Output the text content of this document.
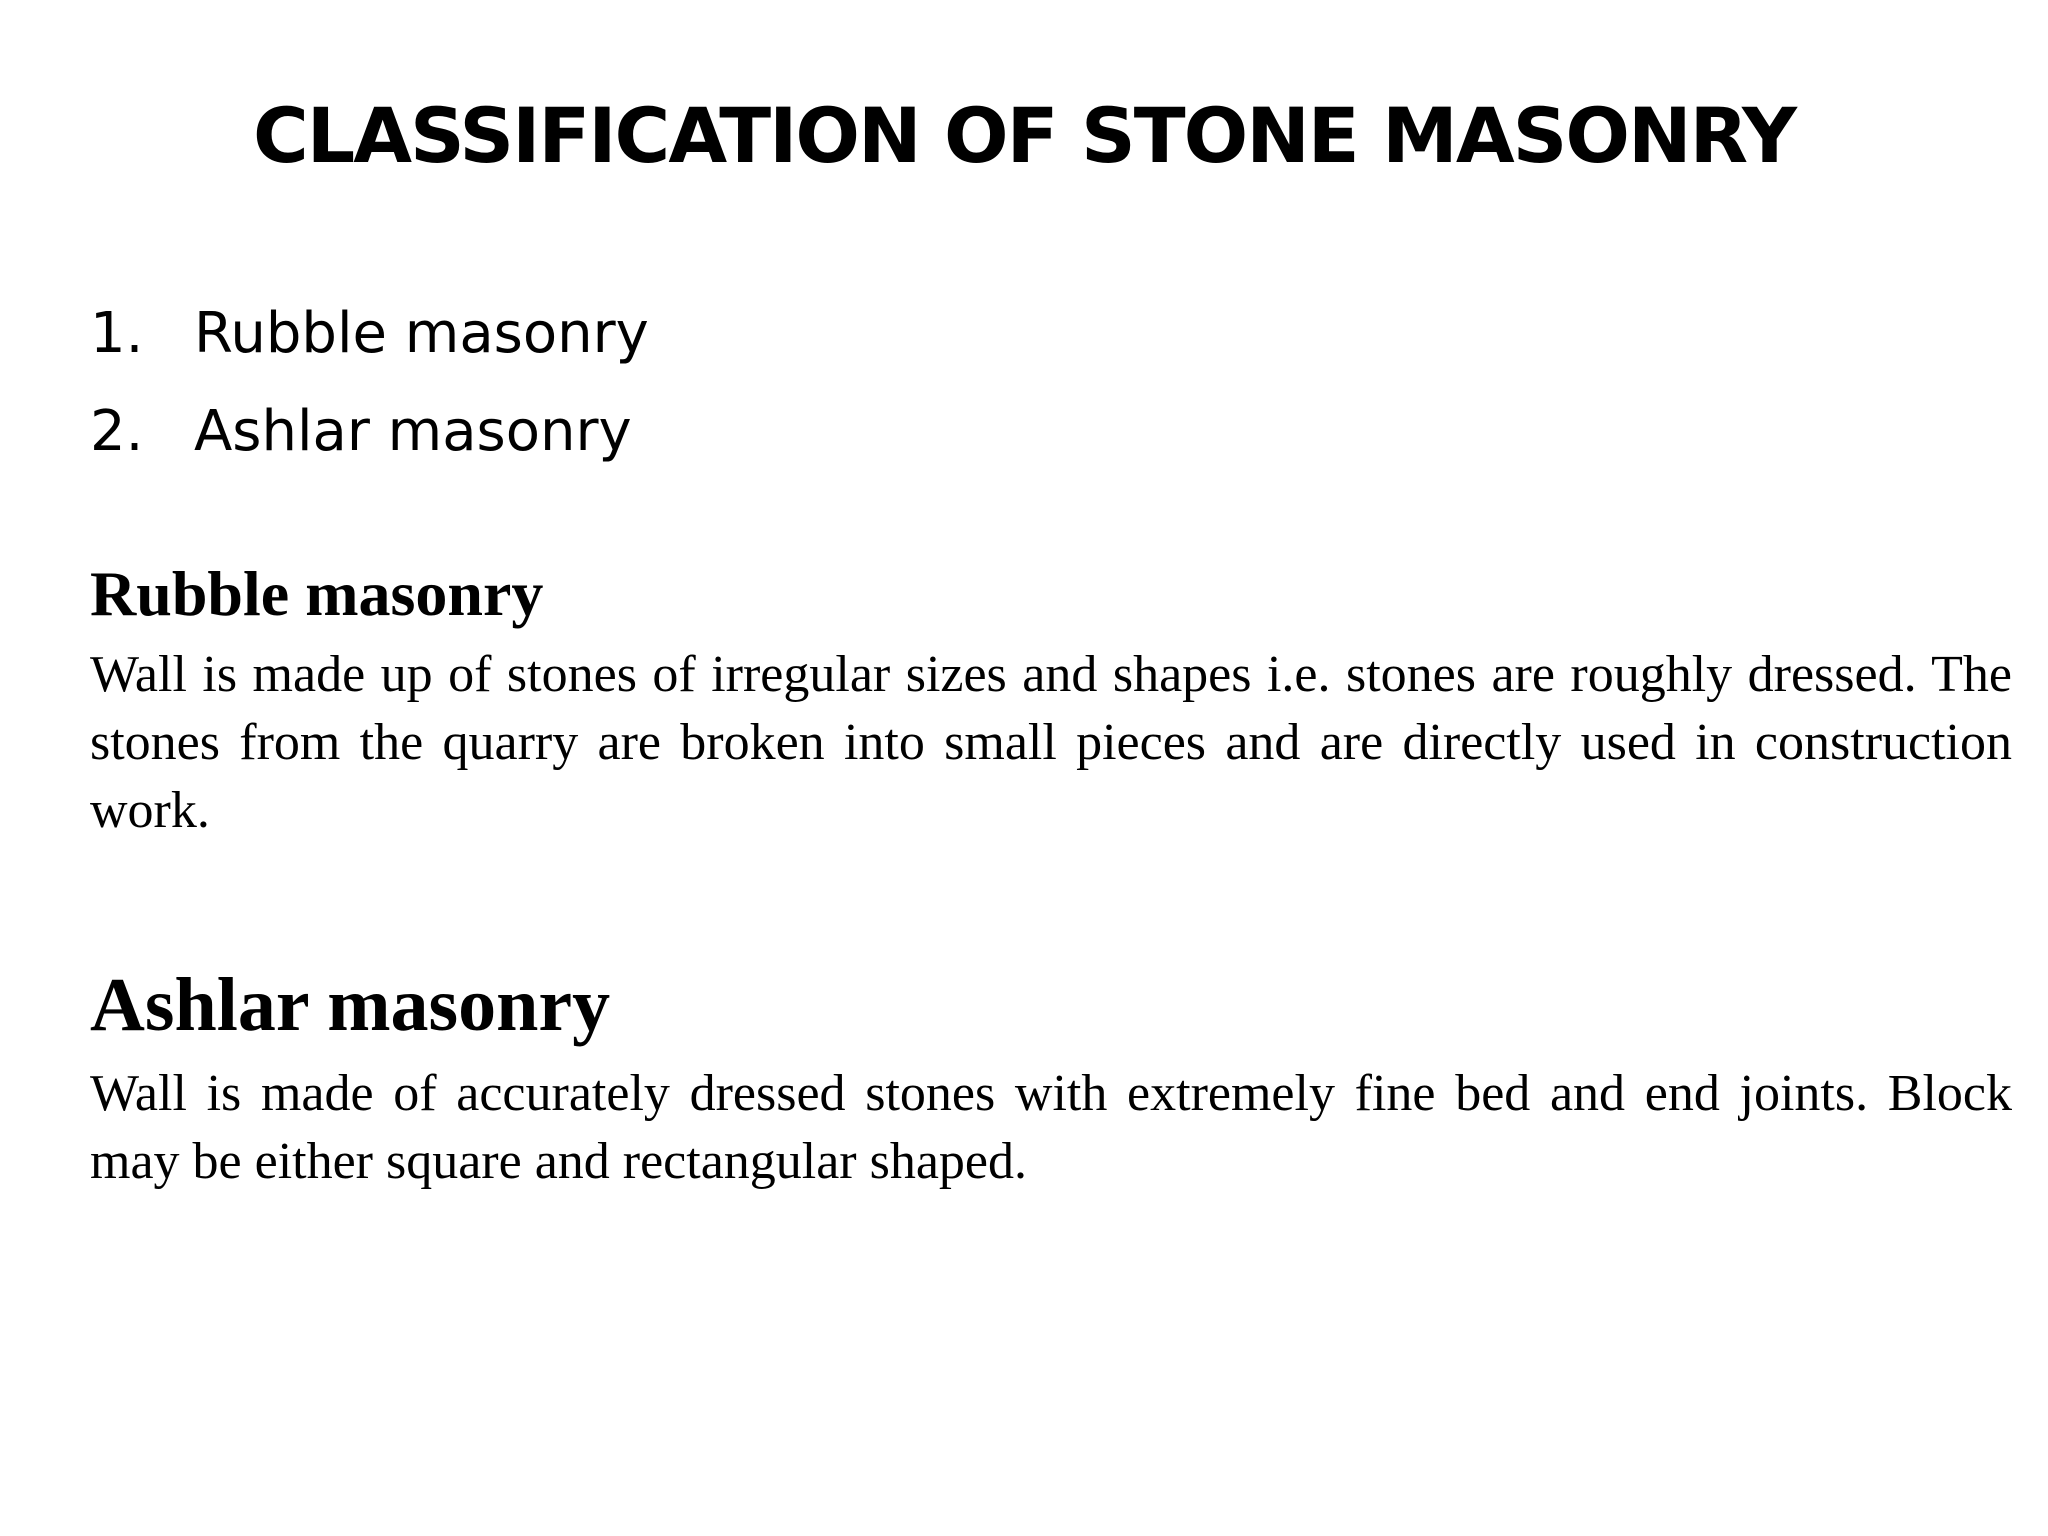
CLASSIFICATION OF STONE MASONRY
1. Rubble masonry
2. Ashlar masonry
Rubble masonry

Wall is made up of stones of irregular sizes and shapes i.e. stones are roughly dressed. The stones from the quarry are broken into small pieces and are directly used in construction work.

Ashlar masonry

Wall is made of accurately dressed stones with extremely fine bed and end joints. Block may be either square and rectangular shaped.
